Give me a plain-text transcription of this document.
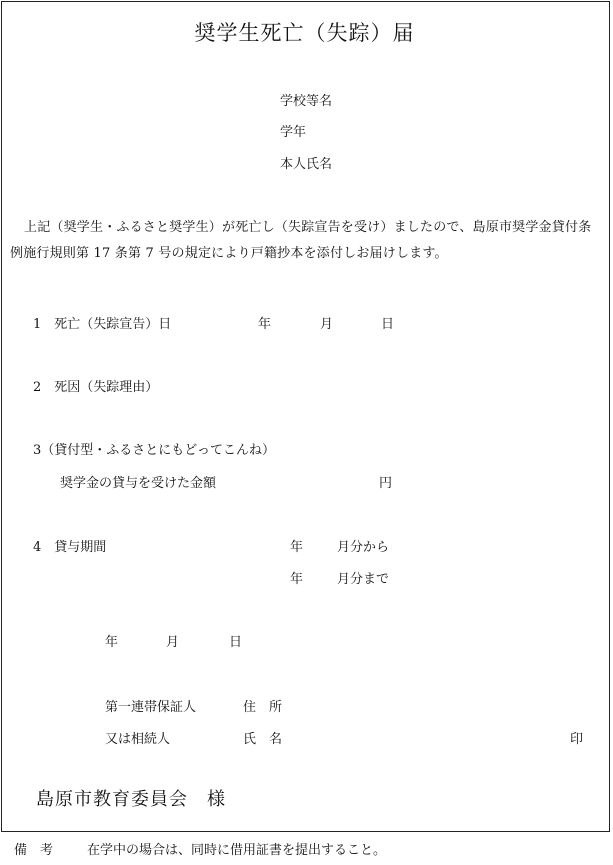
奨学生死亡（失踪）届
学校等名
学年
本人氏名
上記（奨学生・ふるさと奨学生）が死亡し（失踪宣告を受け）ましたので、島原市奨学金貸付条例施行規則第 17 条第 7 号の規定により戸籍抄本を添付しお届けします。
1　死亡（失踪宣告）日	年	月	日
2　死因（失踪理由）
3（貸付型・ふるさとにもどってこんね）
奨学金の貸与を受けた金額	円
4　貸与期間	年	月分から
年	月分まで
年	月	日
第一連帯保証人	住　所
又は相続人	氏　名	印
島原市教育委員会　様
備　考	在学中の場合は、同時に借用証書を提出すること。
